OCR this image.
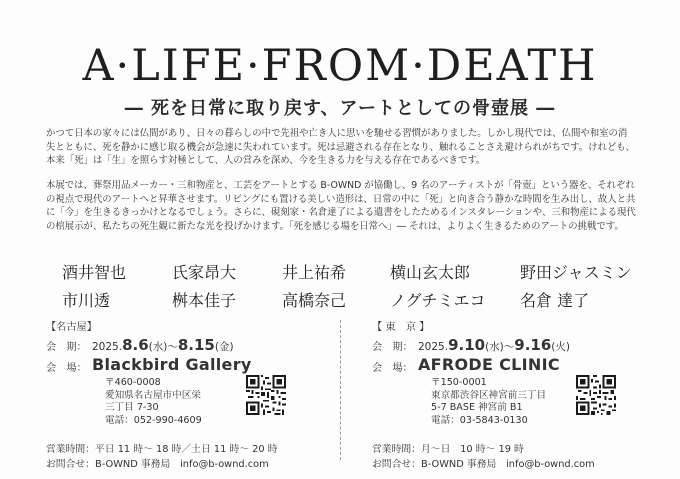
A·LIFE·FROM·DEATH
― 死を日常に取り戻す、アートとしての骨壺展 ―

かつて日本の家々には仏間があり、日々の暮らしの中で先祖や亡き人に思いを馳せる習慣がありました。しかし現代では、仏間や和室の消失とともに、死を静かに感じ取る機会が急速に失われています。死は忌避される存在となり、触れることさえ避けられがちです。けれども、本来「死」は「生」を照らす対極として、人の営みを深め、今を生きる力を与える存在であるべきです。

本展では、葬祭用品メーカー・三和物産と、工芸をアートとする B-OWND が協働し、9 名のアーティストが「骨壺」という器を、それぞれの視点で現代のアートへと昇華させます。リビングにも置ける美しい造形は、日常の中に「死」と向き合う静かな時間を生み出し、故人と共に「今」を生きるきっかけとなるでしょう。さらに、硯刻家・名倉達了による遺書をしたためるインスタレーションや、三和物産による現代の棺展示が、私たちの死生観に新たな光を投げかけます。「死を感じる場を日常へ」― それは、よりよく生きるためのアートの挑戦です。

酒井智也	氏家昂大	井上祐希	横山玄太郎	野田ジャスミン
市川透	桝本佳子	高橋奈己	ノグチミエコ	名倉 達了
【名古屋】
会　期： 2025.8.6(水)～8.15(金)
会　場： Blackbird Gallery
〒460-0008
愛知県名古屋市中区栄
三丁目 7-30
電話：052-990-4609
営業時間：平日 11 時～ 18 時／土日 11 時～ 20 時
お問合せ：B-OWND 事務局　info@b-ownd.com
【 東　京 】
会　期： 2025.9.10(水)～9.16(火)
会　場： AFRODE CLINIC
〒150-0001
東京都渋谷区神宮前三丁目
5-7 BASE 神宮前 B1
電話：03-5843-0130
営業時間：月～日　10 時～ 19 時
お問合せ：B-OWND 事務局　info@b-ownd.com
